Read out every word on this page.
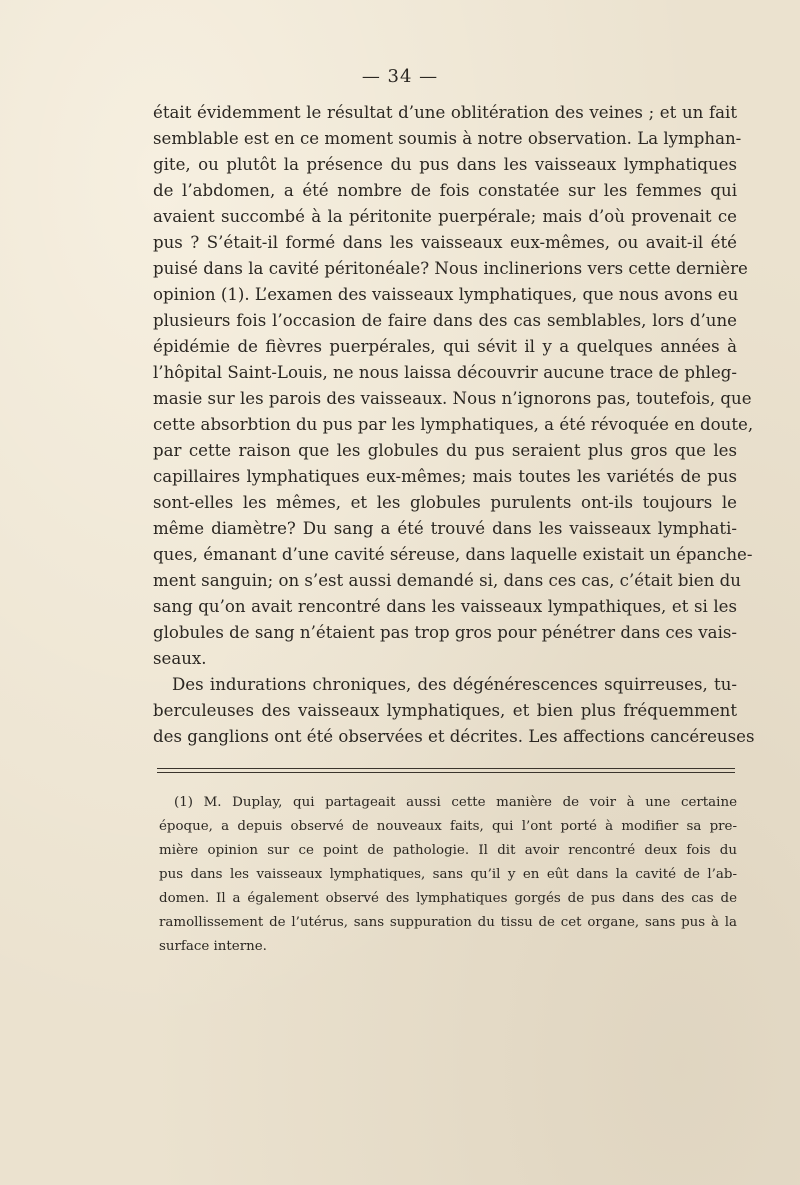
— 34 —
était évidemment le résultat d’une oblitération des veines ; et un fait
semblable est en ce moment soumis à notre observation. La lymphan-
gite, ou plutôt la présence du pus dans les vaisseaux lymphatiques
de l’abdomen, a été nombre de fois constatée sur les femmes qui
avaient succombé à la péritonite puerpérale; mais d’où provenait ce
pus ? S’était-il formé dans les vaisseaux eux-mêmes, ou avait-il été
puisé dans la cavité péritonéale? Nous inclinerions vers cette dernière
opinion (1). L’examen des vaisseaux lymphatiques, que nous avons eu
plusieurs fois l’occasion de faire dans des cas semblables, lors d’une
épidémie de fièvres puerpérales, qui sévit il y a quelques années à
l’hôpital Saint-Louis, ne nous laissa découvrir aucune trace de phleg-
masie sur les parois des vaisseaux. Nous n’ignorons pas, toutefois, que
cette absorbtion du pus par les lymphatiques, a été révoquée en doute,
par cette raison que les globules du pus seraient plus gros que les
capillaires lymphatiques eux-mêmes; mais toutes les variétés de pus
sont-elles les mêmes, et les globules purulents ont-ils toujours le
même diamètre? Du sang a été trouvé dans les vaisseaux lymphati-
ques, émanant d’une cavité séreuse, dans laquelle existait un épanche-
ment sanguin; on s’est aussi demandé si, dans ces cas, c’était bien du
sang qu’on avait rencontré dans les vaisseaux lympathiques, et si les
globules de sang n’étaient pas trop gros pour pénétrer dans ces vais-
seaux.
Des indurations chroniques, des dégénérescences squirreuses, tu-
berculeuses des vaisseaux lymphatiques, et bien plus fréquemment
des ganglions ont été observées et décrites. Les affections cancéreuses
(1) M. Duplay, qui partageait aussi cette manière de voir à une certaine
époque, a depuis observé de nouveaux faits, qui l’ont porté à modifier sa pre-
mière opinion sur ce point de pathologie. Il dit avoir rencontré deux fois du
pus dans les vaisseaux lymphatiques, sans qu’il y en eût dans la cavité de l’ab-
domen. Il a également observé des lymphatiques gorgés de pus dans des cas de
ramollissement de l’utérus, sans suppuration du tissu de cet organe, sans pus à la
surface interne.
